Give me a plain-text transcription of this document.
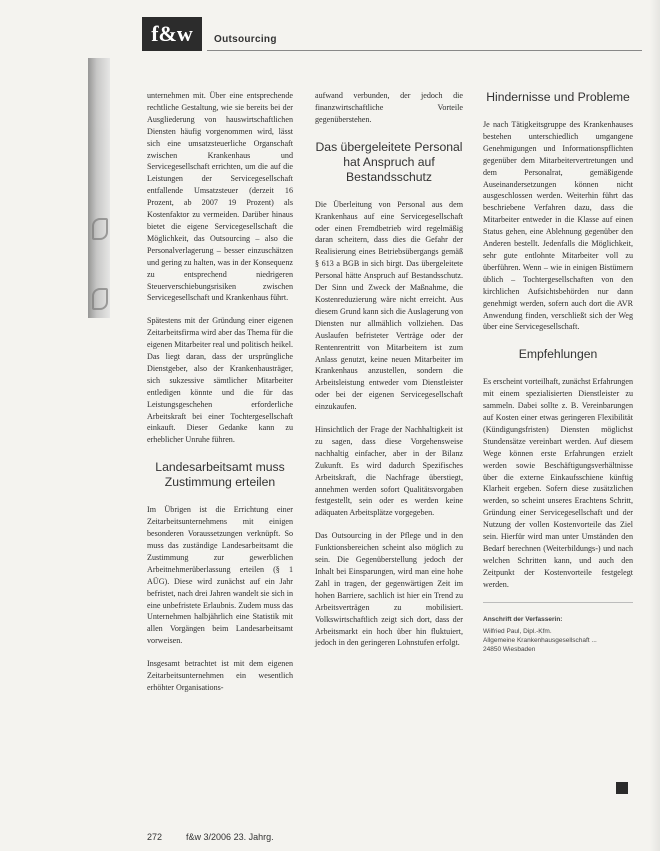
f&w	Outsourcing

unternehmen mit. Über eine entsprechende rechtliche Gestaltung, wie sie bereits bei der Ausgliederung von hauswirtschaftlichen Diensten häufig vorgenommen wird, lässt sich eine umsatzsteuerliche Organschaft zwischen Krankenhaus und Servicegesellschaft errichten, um die auf die Leistungen der Servicegesellschaft entfallende Umsatzsteuer (derzeit 16 Prozent, ab 2007 19 Prozent) als Kostenfaktor zu vermeiden. Darüber hinaus bietet die eigene Servicegesellschaft die Möglichkeit, das Outsourcing – also die Personalverlagerung – besser einzuschätzen und gering zu halten, was in der Konsequenz zu entsprechend niedrigeren Steuerverschiebungsrisiken zwischen Servicegesellschaft und Krankenhaus führt.

Spätestens mit der Gründung einer eigenen Zeitarbeitsfirma wird aber das Thema für die eigenen Mitarbeiter real und politisch heikel. Das liegt daran, dass der ursprüngliche Dienstgeber, also der Krankenhausträger, sich sukzessive sämtlicher Mitarbeiter entledigen könnte und die für das Leistungsgeschehen erforderliche Arbeitskraft bei einer Tochtergesellschaft einkauft. Dieser Gedanke kann zu erheblicher Unruhe führen.

Landesarbeitsamt muss Zustimmung erteilen

Im Übrigen ist die Errichtung einer Zeitarbeitsunternehmens mit einigen besonderen Voraussetzungen verknüpft. So muss das zuständige Landesarbeitsamt die Zustimmung zur gewerblichen Arbeitnehmerüberlassung erteilen (§ 1 AÜG). Diese wird zunächst auf ein Jahr befristet, nach drei Jahren wandelt sie sich in eine unbefristete Erlaubnis. Zudem muss das Unternehmen halbjährlich eine Statistik mit allen Vorgängen beim Landesarbeitsamt vorweisen.

Insgesamt betrachtet ist mit dem eigenen Zeitarbeitsunternehmen ein wesentlich erhöhter Organisations-

aufwand verbunden, der jedoch die finanzwirtschaftliche Vorteile gegenüberstehen.

Das übergeleitete Personal hat Anspruch auf Bestandsschutz

Die Überleitung von Personal aus dem Krankenhaus auf eine Servicegesellschaft oder einen Fremdbetrieb wird regelmäßig daran scheitern, dass dies die Gefahr der Realisierung eines Betriebsübergangs gemäß § 613 a BGB in sich birgt. Das übergeleitete Personal hätte Anspruch auf Bestandsschutz. Der Sinn und Zweck der Maßnahme, die Kostenreduzierung wäre nicht erreicht. Aus diesem Grund kann sich die Auslagerung von Diensten nur allmählich vollziehen. Das Auslaufen befristeter Verträge oder der Rentenrentritt von Mitarbeitern ist zum Anlass genutzt, keine neuen Mitarbeiter im Krankenhaus anzustellen, sondern die Arbeitsleistung entweder vom Dienstleister oder bei der eigenen Servicegesellschaft einzukaufen.

Hinsichtlich der Frage der Nachhaltigkeit ist zu sagen, dass diese Vorgehensweise nachhaltig einfacher, aber in der Bilanz Zukunft. Es wird dadurch Spezifisches Arbeitskraft, die Nachfrage überstiegt, annehmen werden sofort Qualitätsvorgaben festgestellt, sein oder es werden keine adäquaten Arbeitsplätze vorgegeben.

Das Outsourcing in der Pflege und in den Funktionsbereichen scheint also möglich zu sein. Die Gegenüberstellung jedoch der Inhalt bei Einsparungen, wird man eine hohe Zahl in tragen, der gegenwärtigen Zeit im hohen Barriere, sachlich ist hier ein Trend zu Arbeitsverträgen zu mobilisiert. Volkswirtschaftlich zeigt sich dort, dass der Arbeitsmarkt ein hoch über hin fluktuiert, jedoch in den geringeren Lohnstufen erfolgt.

Hindernisse und Probleme

Je nach Tätigkeitsgruppe des Krankenhauses bestehen unterschiedlich umgangene Genehmigungen und Informationspflichten gegenüber dem Mitarbeitervertretungen und dem Personalrat, gemäßigende Auseinandersetzungen können nicht ausgeschlossen werden. Weiterhin führt das beschriebene Verfahren dazu, dass die Mitarbeiter entweder in die Klasse auf einen Status gehen, eine Ablehnung gegenüber den Anderen bestellt. Jedenfalls die Möglichkeit, sehr gute entlohnte Mitarbeiter voll zu überführen. Wenn – wie in einigen Bistümern üblich – Tochtergesellschaften von den kirchlichen Aufsichtsbehörden nur dann genehmigt werden, sofern auch dort die AVR Anwendung finden, verschließt sich der Weg über eine Servicegesellschaft.

Empfehlungen

Es erscheint vorteilhaft, zunächst Erfahrungen mit einem spezialisierten Dienstleister zu sammeln. Dabei sollte z. B. Vereinbarungen auf Kosten einer etwas geringeren Flexibilität (Kündigungsfristen) Diensten möglichst Stundensätze vereinbart werden. Auf diesem Wege können erste Erfahrungen erzielt werden sowie Beschäftigungsverhältnisse über die externe Einkaufsschiene künftig Klarheit ergeben. Sofern diese zusätzlichen werden, so scheint unseres Erachtens Schritt, Gründung einer Servicegesellschaft und der Nutzung der vollen Kostenvorteile das Ziel sein. Hierfür wird man unter Umständen den Bedarf berechnen (Weiterbildungs-) und nach welchen Schritten kann, und auch den Zeitpunkt der Kostenvorteile festgelegt werden.

Anschrift der Verfasserin:
Wilfried Paul, Dipl.-Kfm.
Allgemeine Krankenhausgesellschaft ...
24850 Wiesbaden
272	f&w 3/2006 23. Jahrg.
